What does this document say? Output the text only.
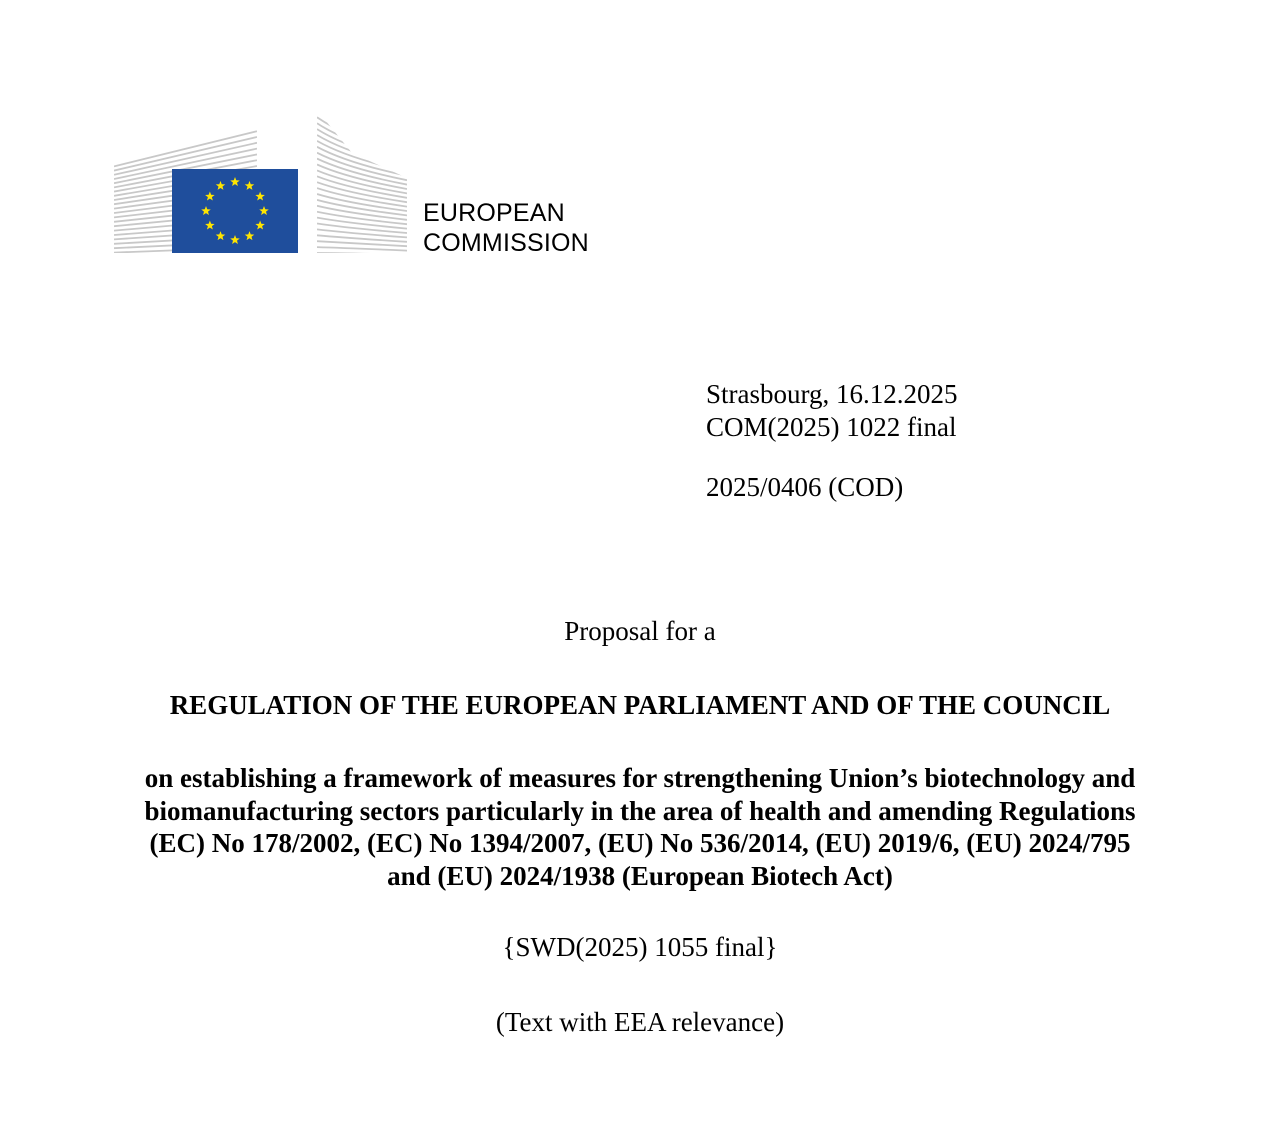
EUROPEAN
COMMISSION
Strasbourg, 16.12.2025
COM(2025) 1022 final
2025/0406 (COD)
Proposal for a
REGULATION OF THE EUROPEAN PARLIAMENT AND OF THE COUNCIL
on establishing a framework of measures for strengthening Union’s biotechnology and
biomanufacturing sectors particularly in the area of health and amending Regulations
(EC) No 178/2002, (EC) No 1394/2007, (EU) No 536/2014, (EU) 2019/6, (EU) 2024/795
and (EU) 2024/1938 (European Biotech Act)
{SWD(2025) 1055 final}
(Text with EEA relevance)
